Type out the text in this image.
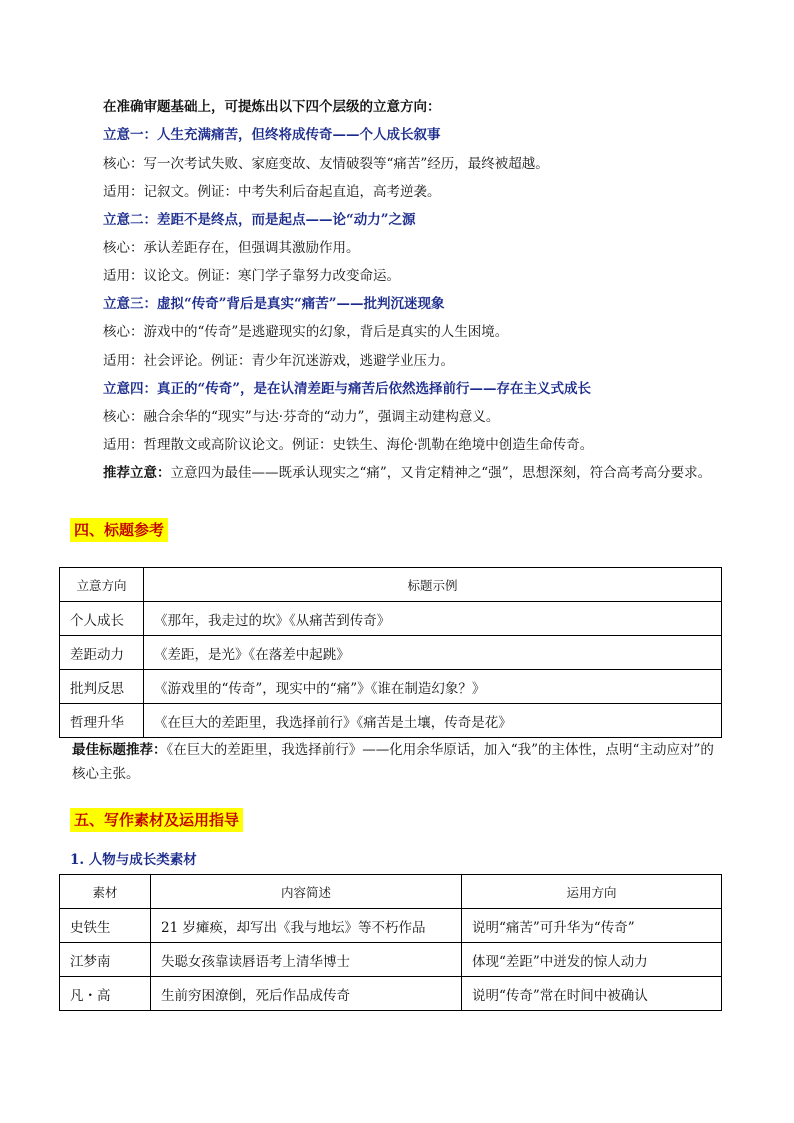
在准确审题基础上，可提炼出以下四个层级的立意方向：
立意一：人生充满痛苦，但终将成传奇——个人成长叙事
核心：写一次考试失败、家庭变故、友情破裂等“痛苦”经历，最终被超越。
适用：记叙文。例证：中考失利后奋起直追，高考逆袭。
立意二：差距不是终点，而是起点——论“动力”之源
核心：承认差距存在，但强调其激励作用。
适用：议论文。例证：寒门学子靠努力改变命运。
立意三：虚拟“传奇”背后是真实“痛苦”——批判沉迷现象
核心：游戏中的“传奇”是逃避现实的幻象，背后是真实的人生困境。
适用：社会评论。例证：青少年沉迷游戏，逃避学业压力。
立意四：真正的“传奇”，是在认清差距与痛苦后依然选择前行——存在主义式成长
核心：融合余华的“现实”与达·芬奇的“动力”，强调主动建构意义。
适用：哲理散文或高阶议论文。例证：史铁生、海伦·凯勒在绝境中创造生命传奇。
推荐立意：立意四为最佳——既承认现实之“痛”，又肯定精神之“强”，思想深刻，符合高考高分要求。
四、标题参考
立意方向	标题示例
个人成长	《那年，我走过的坎》《从痛苦到传奇》
差距动力	《差距，是光》《在落差中起跳》
批判反思	《游戏里的“传奇”，现实中的“痛”》《谁在制造幻象？》
哲理升华	《在巨大的差距里，我选择前行》《痛苦是土壤，传奇是花》
最佳标题推荐：《在巨大的差距里，我选择前行》——化用余华原话，加入“我”的主体性，点明“主动应对”的核心主张。
五、写作素材及运用指导
1. 人物与成长类素材
素材	内容简述	运用方向
史铁生	21 岁瘫痪，却写出《我与地坛》等不朽作品	说明“痛苦”可升华为“传奇”
江梦南	失聪女孩靠读唇语考上清华博士	体现“差距”中迸发的惊人动力
凡・高	生前穷困潦倒，死后作品成传奇	说明“传奇”常在时间中被确认
